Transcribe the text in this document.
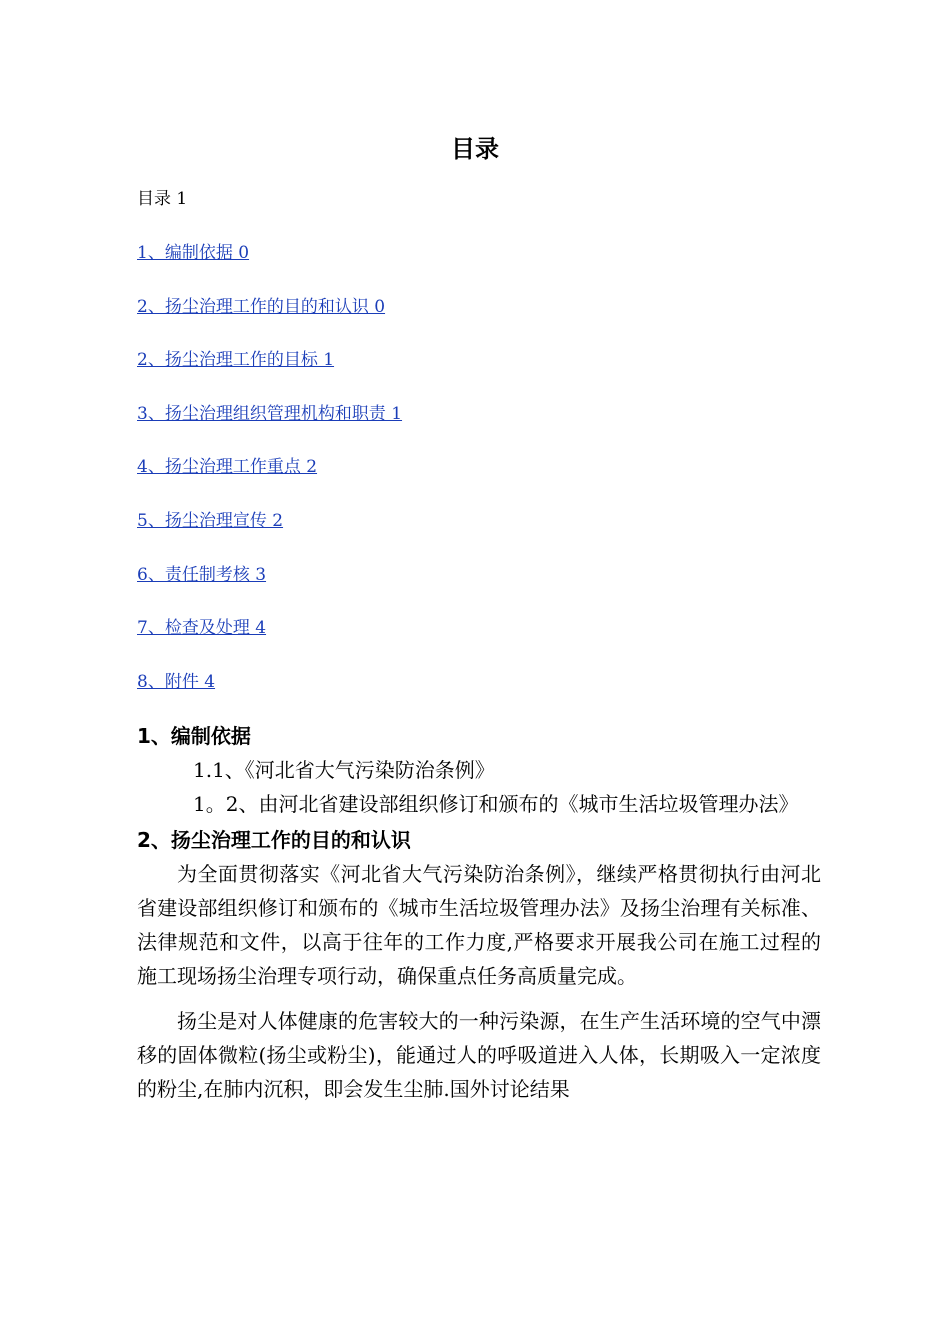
目录
目录 1
1、编制依据 0
2、扬尘治理工作的目的和认识 0
2、扬尘治理工作的目标 1
3、扬尘治理组织管理机构和职责 1
4、扬尘治理工作重点 2
5、扬尘治理宣传 2
6、责任制考核 3
7、检查及处理 4
8、附件 4
1、编制依据

1.1、《河北省大气污染防治条例》

1。2、由河北省建设部组织修订和颁布的《城市生活垃圾管理办法》

2、扬尘治理工作的目的和认识

为全面贯彻落实《河北省大气污染防治条例》，继续严格贯彻执行由河北省建设部组织修订和颁布的《城市生活垃圾管理办法》及扬尘治理有关标准、法律规范和文件，以高于往年的工作力度,严格要求开展我公司在施工过程的施工现场扬尘治理专项行动，确保重点任务高质量完成。

扬尘是对人体健康的危害较大的一种污染源，在生产生活环境的空气中漂移的固体微粒(扬尘或粉尘)，能通过人的呼吸道进入人体，长期吸入一定浓度的粉尘,在肺内沉积，即会发生尘肺.国外讨论结果
